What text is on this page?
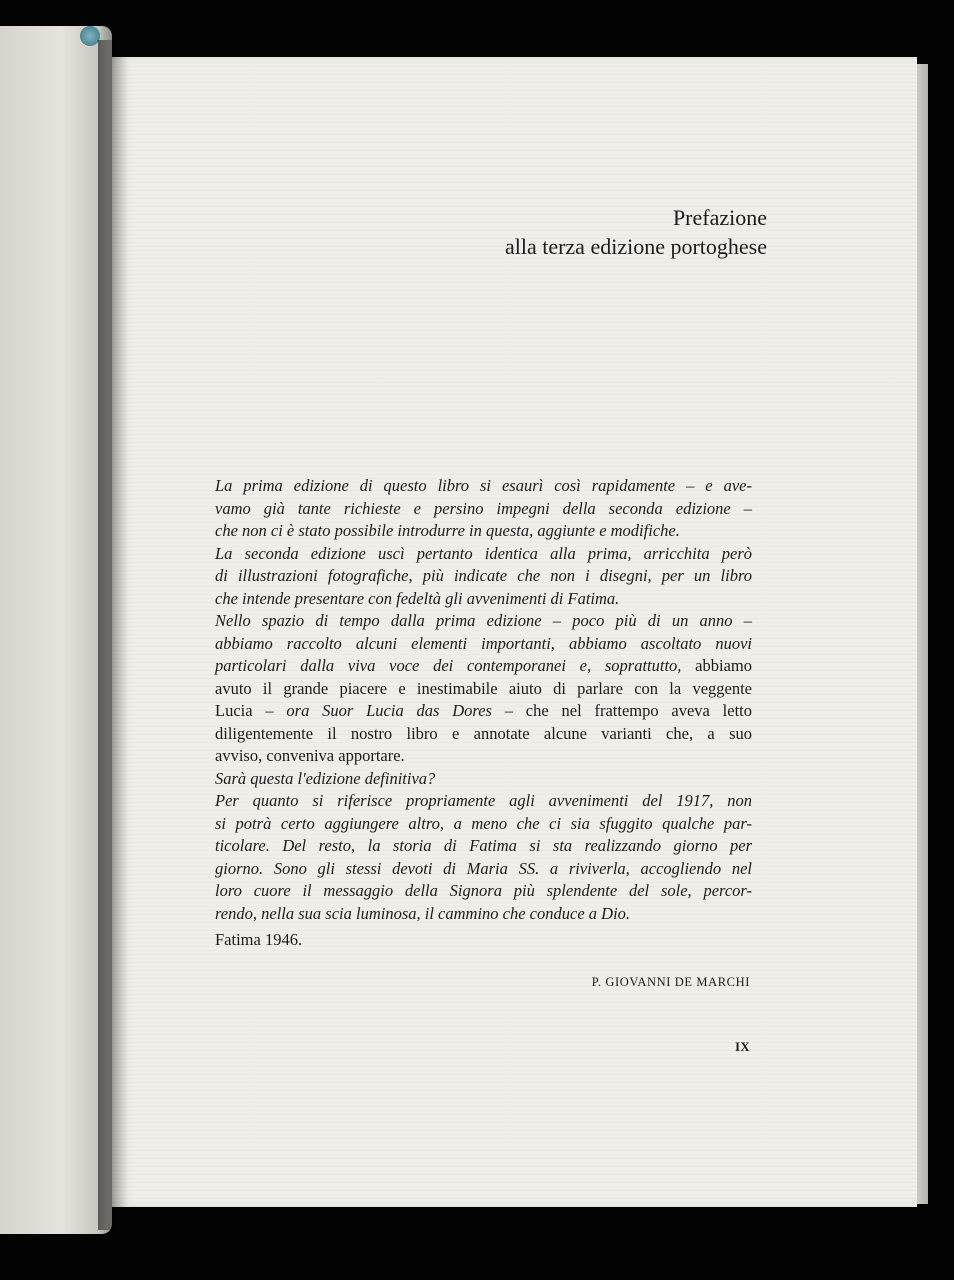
Prefazione
alla terza edizione portoghese
La prima edizione di questo libro si esaurì così rapidamente – e ave-
vamo già tante richieste e persino impegni della seconda edizione –
che non ci è stato possibile introdurre in questa, aggiunte e modifiche.
La seconda edizione uscì pertanto identica alla prima, arricchita però
di illustrazioni fotografiche, più indicate che non i disegni, per un libro
che intende presentare con fedeltà gli avvenimenti di Fatima.
Nello spazio di tempo dalla prima edizione – poco più di un anno –
abbiamo raccolto alcuni elementi importanti, abbiamo ascoltato nuovi
particolari dalla viva voce dei contemporanei e, soprattutto, abbiamo
avuto il grande piacere e inestimabile aiuto di parlare con la veggente
Lucia – ora Suor Lucia das Dores – che nel frattempo aveva letto
diligentemente il nostro libro e annotate alcune varianti che, a suo
avviso, conveniva apportare.
Sarà questa l'edizione definitiva?
Per quanto si riferisce propriamente agli avvenimenti del 1917, non
si potrà certo aggiungere altro, a meno che ci sia sfuggito qualche par-
ticolare. Del resto, la storia di Fatima si sta realizzando giorno per
giorno. Sono gli stessi devoti di Maria SS. a riviverla, accogliendo nel
loro cuore il messaggio della Signora più splendente del sole, percor-
rendo, nella sua scia luminosa, il cammino che conduce a Dio.
Fatima 1946.
P. GIOVANNI DE MARCHI
IX
